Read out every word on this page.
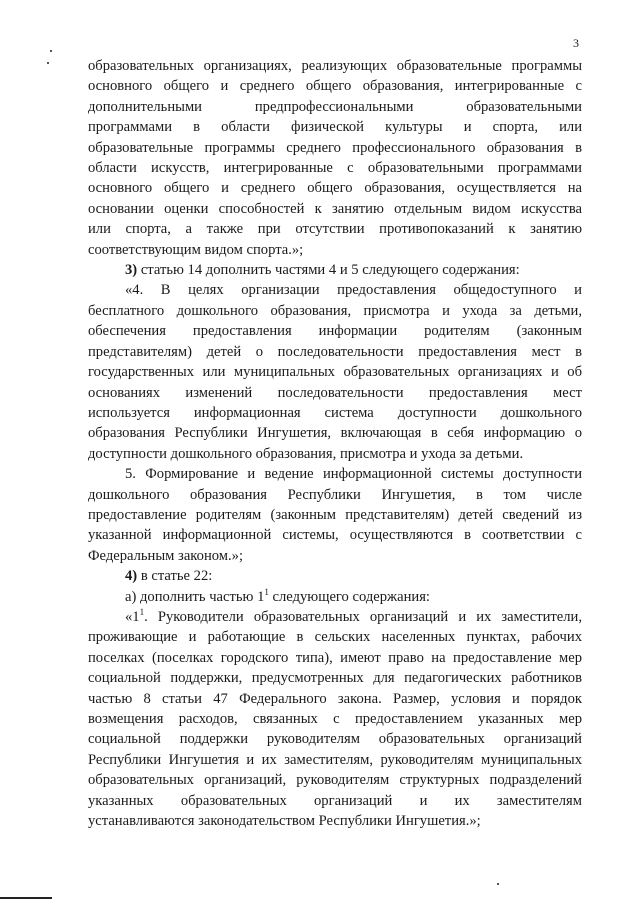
3

образовательных организациях, реализующих образовательные программы

основного общего и среднего общего образования, интегрированные с

дополнительными предпрофессиональными образовательными

программами в области физической культуры и спорта, или

образовательные программы среднего профессионального образования в

области искусств, интегрированные с образовательными программами

основного общего и среднего общего образования, осуществляется на

основании оценки способностей к занятию отдельным видом искусства

или спорта, а также при отсутствии противопоказаний к занятию

соответствующим видом спорта.»;

3) статью 14 дополнить частями 4 и 5 следующего содержания:

«4. В целях организации предоставления общедоступного и

бесплатного дошкольного образования, присмотра и ухода за детьми,

обеспечения предоставления информации родителям (законным

представителям) детей о последовательности предоставления мест в

государственных или муниципальных образовательных организациях и об

основаниях изменений последовательности предоставления мест

используется информационная система доступности дошкольного

образования Республики Ингушетия, включающая в себя информацию о

доступности дошкольного образования, присмотра и ухода за детьми.

5. Формирование и ведение информационной системы доступности

дошкольного образования Республики Ингушетия, в том числе

предоставление родителям (законным представителям) детей сведений из

указанной информационной системы, осуществляются в соответствии с

Федеральным законом.»;

4) в статье 22:

а) дополнить частью $1^1$ следующего содержания:

«$1^1$. Руководители образовательных организаций и их заместители,

проживающие и работающие в сельских населенных пунктах, рабочих

поселках (поселках городского типа), имеют право на предоставление мер

социальной поддержки, предусмотренных для педагогических работников

частью 8 статьи 47 Федерального закона. Размер, условия и порядок

возмещения расходов, связанных с предоставлением указанных мер

социальной поддержки руководителям образовательных организаций

Республики Ингушетия и их заместителям, руководителям муниципальных

образовательных организаций, руководителям структурных подразделений

указанных образовательных организаций и их заместителям

устанавливаются законодательством Республики Ингушетия.»;
